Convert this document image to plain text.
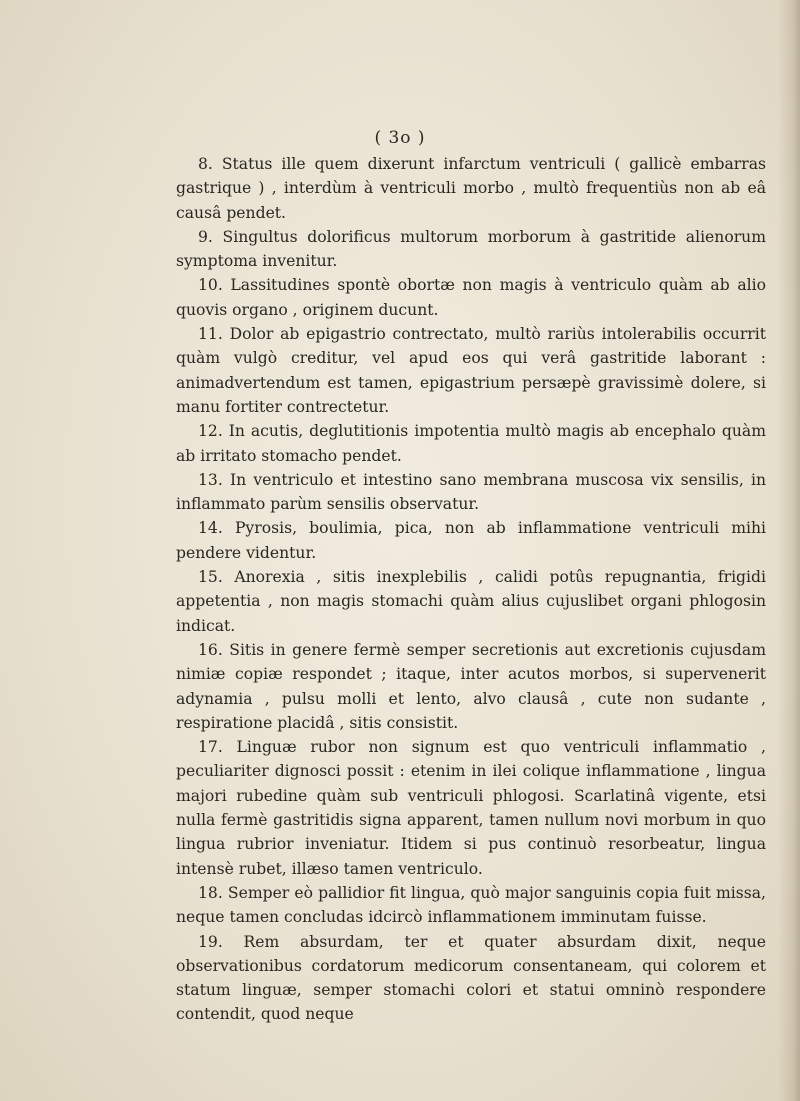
( 3o )

8. Status ille quem dixerunt infarctum ventriculi ( gallicè embarras gastrique ) , interdùm à ventriculi morbo , multò frequentiùs non ab eâ causâ pendet.

9. Singultus dolorificus multorum morborum à gastritide alienorum symptoma invenitur.

10. Lassitudines spontè obortæ non magis à ventriculo quàm ab alio quovis organo , originem ducunt.

11. Dolor ab epigastrio contrectato, multò rariùs intolerabilis occurrit quàm vulgò creditur, vel apud eos qui verâ gastritide laborant : animadvertendum est tamen, epigastrium persæpè gravissimè dolere, si manu fortiter contrectetur.

12. In acutis, deglutitionis impotentia multò magis ab encephalo quàm ab irritato stomacho pendet.

13. In ventriculo et intestino sano membrana muscosa vix sensilis, in inflammato parùm sensilis observatur.

14. Pyrosis, boulimia, pica, non ab inflammatione ventriculi mihi pendere videntur.

15. Anorexia , sitis inexplebilis , calidi potûs repugnantia, frigidi appetentia , non magis stomachi quàm alius cujuslibet organi phlogosin indicat.

16. Sitis in genere fermè semper secretionis aut excretionis cujusdam nimiæ copiæ respondet ; itaque, inter acutos morbos, si supervenerit adynamia , pulsu molli et lento, alvo clausâ , cute non sudante , respiratione placidâ , sitis consistit.

17. Linguæ rubor non signum est quo ventriculi inflammatio , peculiariter dignosci possit : etenim in ilei colique inflammatione , lingua majori rubedine quàm sub ventriculi phlogosi. Scarlatinâ vigente, etsi nulla fermè gastritidis signa apparent, tamen nullum novi morbum in quo lingua rubrior inveniatur. Itidem si pus continuò resorbeatur, lingua intensè rubet, illæso tamen ventriculo.

18. Semper eò pallidior fit lingua, quò major sanguinis copia fuit missa, neque tamen concludas idcircò inflammationem imminutam fuisse.

19. Rem absurdam, ter et quater absurdam dixit, neque observationibus cordatorum medicorum consentaneam, qui colorem et statum linguæ, semper stomachi colori et statui omninò respondere contendit, quod neque
